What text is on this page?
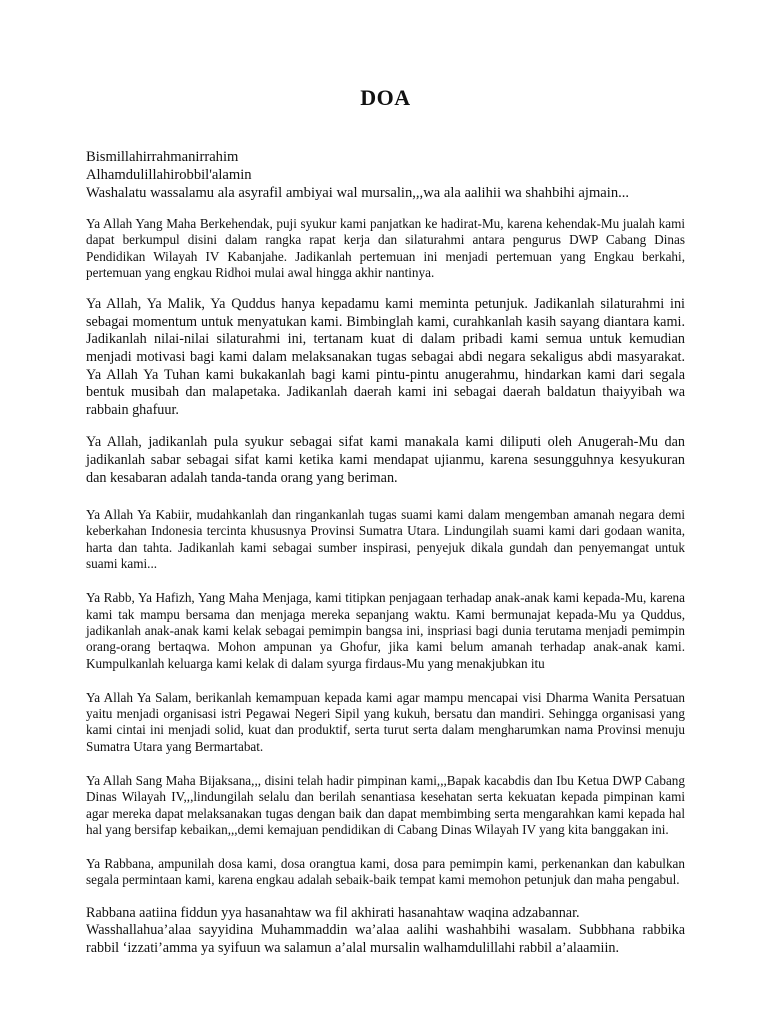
DOA

Bismillahirrahmanirrahim

Alhamdulillahirobbil'alamin

Washalatu wassalamu ala asyrafil ambiyai wal mursalin,,,wa ala aalihii wa shahbihi ajmain...

Ya Allah Yang Maha Berkehendak, puji syukur kami panjatkan ke hadirat-Mu, karena kehendak-Mu jualah kami dapat berkumpul disini dalam rangka rapat kerja dan silaturahmi antara pengurus DWP Cabang Dinas Pendidikan Wilayah IV Kabanjahe. Jadikanlah pertemuan ini menjadi pertemuan yang Engkau berkahi, pertemuan yang engkau Ridhoi mulai awal hingga akhir nantinya.

Ya Allah, Ya Malik, Ya Quddus hanya kepadamu kami meminta petunjuk. Jadikanlah silaturahmi ini sebagai momentum untuk menyatukan kami. Bimbinglah kami, curahkanlah kasih sayang diantara kami. Jadikanlah nilai-nilai silaturahmi ini, tertanam kuat di dalam pribadi kami semua untuk kemudian menjadi motivasi bagi kami dalam melaksanakan tugas sebagai abdi negara sekaligus abdi masyarakat. Ya Allah Ya Tuhan kami bukakanlah bagi kami pintu-pintu anugerahmu, hindarkan kami dari segala bentuk musibah dan malapetaka. Jadikanlah daerah kami ini sebagai daerah baldatun thaiyyibah wa rabbain ghafuur.

Ya Allah, jadikanlah pula syukur sebagai sifat kami manakala kami diliputi oleh Anugerah-Mu dan jadikanlah sabar sebagai sifat kami ketika kami mendapat ujianmu, karena sesungguhnya kesyukuran dan kesabaran adalah tanda-tanda orang yang beriman.

Ya Allah Ya Kabiir, mudahkanlah dan ringankanlah tugas suami kami dalam mengemban amanah negara demi keberkahan Indonesia tercinta khususnya Provinsi Sumatra Utara. Lindungilah suami kami dari godaan wanita, harta dan tahta. Jadikanlah kami sebagai sumber inspirasi, penyejuk dikala gundah dan penyemangat untuk suami kami...

Ya Rabb, Ya Hafizh, Yang Maha Menjaga, kami titipkan penjagaan terhadap anak-anak kami kepada-Mu, karena kami tak mampu bersama dan menjaga mereka sepanjang waktu. Kami bermunajat kepada-Mu ya Quddus, jadikanlah anak-anak kami kelak sebagai pemimpin bangsa ini, inspriasi bagi dunia terutama menjadi pemimpin orang-orang bertaqwa. Mohon ampunan ya Ghofur, jika kami belum amanah terhadap anak-anak kami. Kumpulkanlah keluarga kami kelak di dalam syurga firdaus-Mu yang menakjubkan itu

Ya Allah Ya Salam, berikanlah kemampuan kepada kami agar mampu mencapai visi Dharma Wanita Persatuan yaitu menjadi organisasi istri Pegawai Negeri Sipil yang kukuh, bersatu dan mandiri. Sehingga organisasi yang kami cintai ini menjadi solid, kuat dan produktif, serta turut serta dalam mengharumkan nama Provinsi menuju Sumatra Utara yang Bermartabat.

Ya Allah Sang Maha Bijaksana,,, disini telah hadir pimpinan kami,,,Bapak kacabdis dan Ibu Ketua DWP Cabang Dinas Wilayah IV,,,lindungilah selalu dan berilah senantiasa kesehatan serta kekuatan kepada pimpinan kami agar mereka dapat melaksanakan tugas dengan baik dan dapat membimbing serta mengarahkan kami kepada hal hal yang bersifap kebaikan,,,demi kemajuan pendidikan di Cabang Dinas Wilayah IV yang kita banggakan ini.

Ya Rabbana, ampunilah dosa kami, dosa orangtua kami, dosa para pemimpin kami, perkenankan dan kabulkan segala permintaan kami, karena engkau adalah sebaik-baik tempat kami memohon petunjuk dan maha pengabul.

Rabbana aatiina fiddun yya hasanahtaw wa fil akhirati hasanahtaw waqina adzabannar.

Wasshallahua’alaa sayyidina Muhammaddin wa’alaa aalihi washahbihi wasalam. Subbhana rabbika rabbil ‘izzati’amma ya syifuun wa salamun a’alal mursalin walhamdulillahi rabbil a’alaamiin.
